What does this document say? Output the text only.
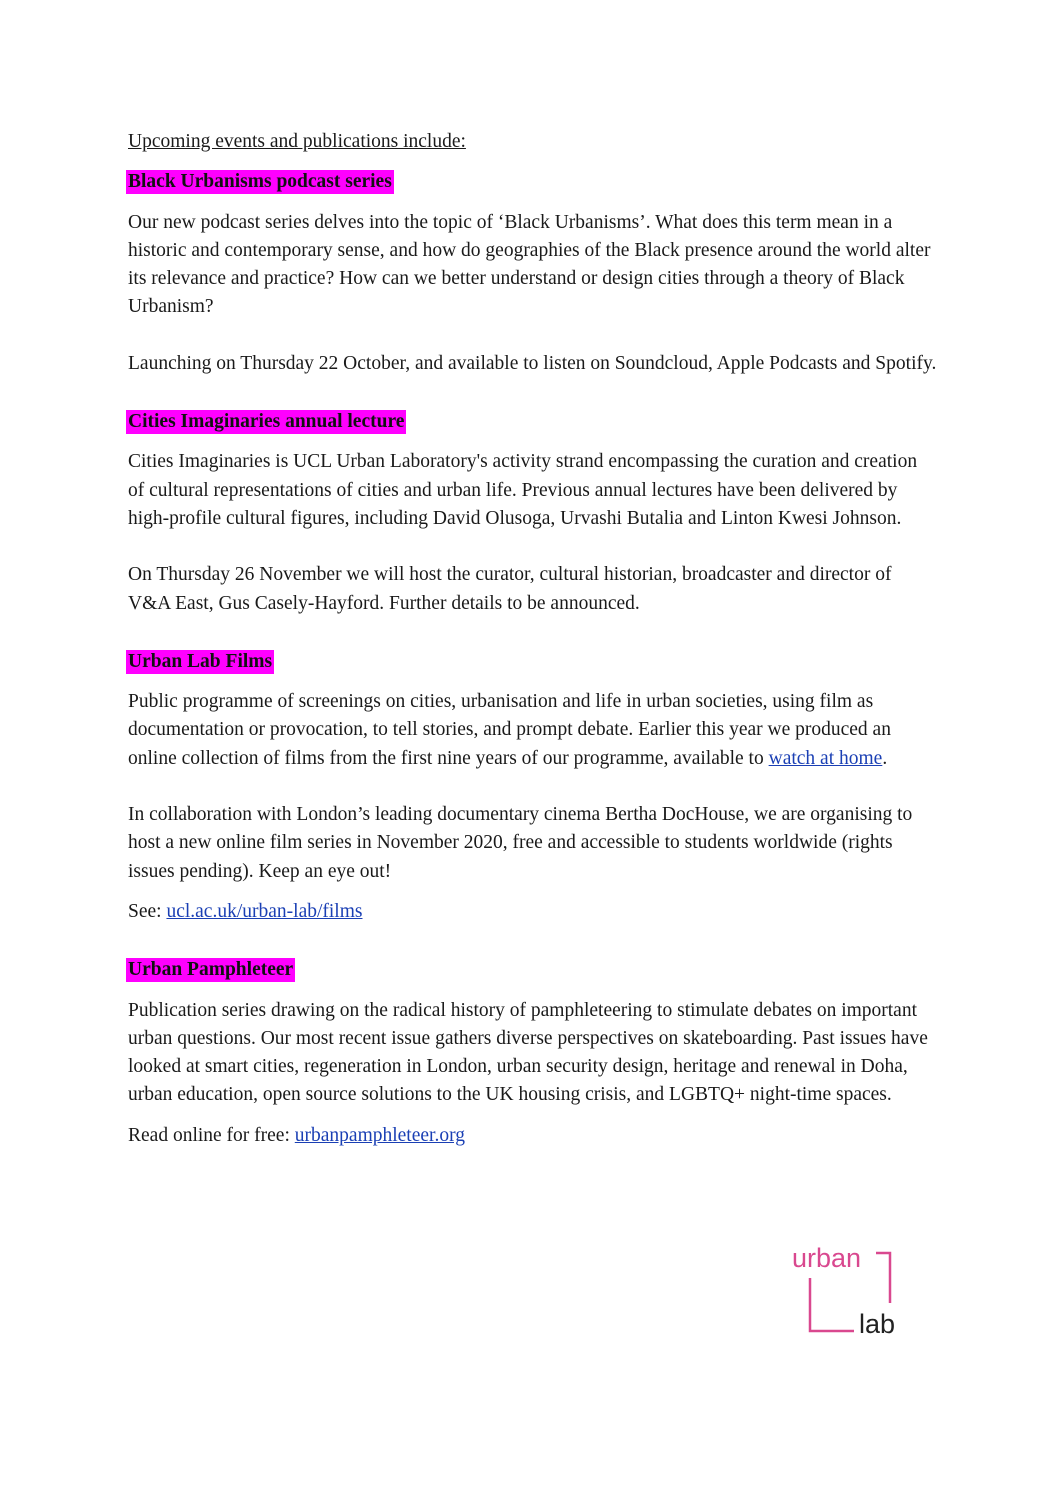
Upcoming events and publications include:

Black Urbanisms podcast series

Our new podcast series delves into the topic of ‘Black Urbanisms’. What does this term mean in a historic and contemporary sense, and how do geographies of the Black presence around the world alter its relevance and practice? How can we better understand or design cities through a theory of Black Urbanism?

Launching on Thursday 22 October, and available to listen on Soundcloud, Apple Podcasts and Spotify.

Cities Imaginaries annual lecture

Cities Imaginaries is UCL Urban Laboratory's activity strand encompassing the curation and creation of cultural representations of cities and urban life. Previous annual lectures have been delivered by high-profile cultural figures, including David Olusoga, Urvashi Butalia and Linton Kwesi Johnson.

On Thursday 26 November we will host the curator, cultural historian, broadcaster and director of V&A East, Gus Casely-Hayford. Further details to be announced.

Urban Lab Films

Public programme of screenings on cities, urbanisation and life in urban societies, using film as documentation or provocation, to tell stories, and prompt debate. Earlier this year we produced an online collection of films from the first nine years of our programme, available to watch at home.

In collaboration with London’s leading documentary cinema Bertha DocHouse, we are organising to host a new online film series in November 2020, free and accessible to students worldwide (rights issues pending). Keep an eye out!

See: ucl.ac.uk/urban-lab/films

Urban Pamphleteer

Publication series drawing on the radical history of pamphleteering to stimulate debates on important urban questions. Our most recent issue gathers diverse perspectives on skateboarding. Past issues have looked at smart cities, regeneration in London, urban security design, heritage and renewal in Doha, urban education, open source solutions to the UK housing crisis, and LGBTQ+ night-time spaces.

Read online for free: urbanpamphleteer.org

urban
lab
